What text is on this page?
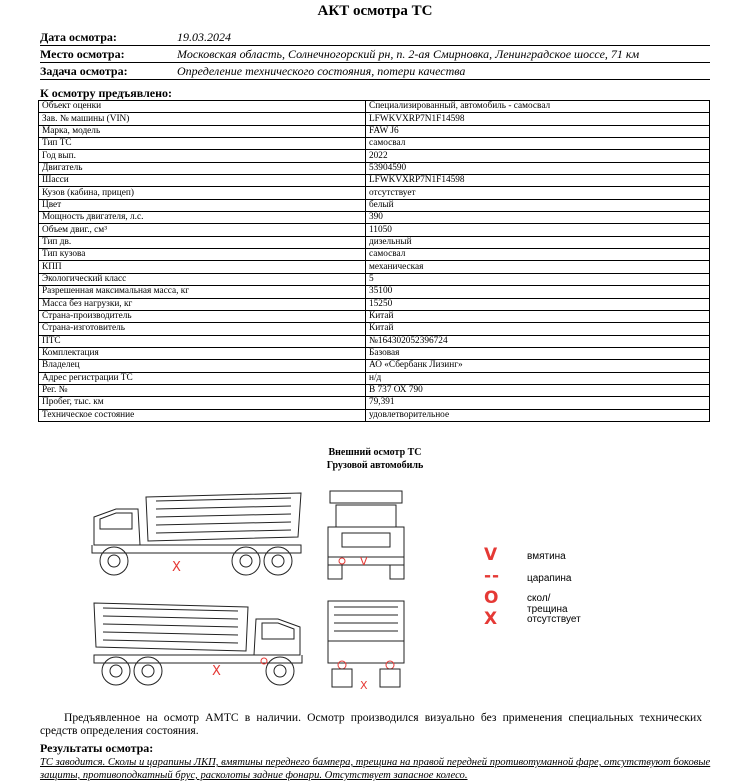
АКТ осмотра ТС
Дата осмотра:	19.03.2024
Место осмотра:	Московская область, Солнечногорский рн, п. 2-ая Смирновка, Ленинградское шоссе, 71 км
Задача осмотра:	Определение технического состояния, потери качества
К осмотру предъявлено:
Объект оценки	Специализированный, автомобиль - самосвал
Зав. № машины (VIN)	LFWKVXRP7N1F14598
Марка, модель	FAW J6
Тип ТС	самосвал
Год вып.	2022
Двигатель	53904590
Шасси	LFWKVXRP7N1F14598
Кузов (кабина, прицеп)	отсутствует
Цвет	белый
Мощность двигателя, л.с.	390
Объем двиг., см³	11050
Тип дв.	дизельный
Тип кузова	самосвал
КПП	механическая
Экологический класс	5
Разрешенная максимальная масса, кг	35100
Масса без нагрузки, кг	15250
Страна-производитель	Китай
Страна-изготовитель	Китай
ПТС	№164302052396724
Комплектация	Базовая
Владелец	АО «Сбербанк Лизинг»
Адрес регистрации ТС	н/д
Рег. №	В 737 ОХ 790
Пробег, тыс. км	79,391
Техническое состояние	удовлетворительное
Внешний осмотр ТС
Грузовой автомобиль
X	V
X
X
V	вмятина
--	царапина
O	скол/трещина
X	отсутствует
Предъявленное на осмотр АМТС в наличии. Осмотр производился визуально без применения специальных технических средств определения состояния.
Результаты осмотра:
ТС заводится. Сколы и царапины ЛКП, вмятины переднего бампера, трещина на правой передней противотуманной фаре, отсутствуют боковые защиты, противоподкатный брус, расколоты задние фонари. Отсутствует запасное колесо.
